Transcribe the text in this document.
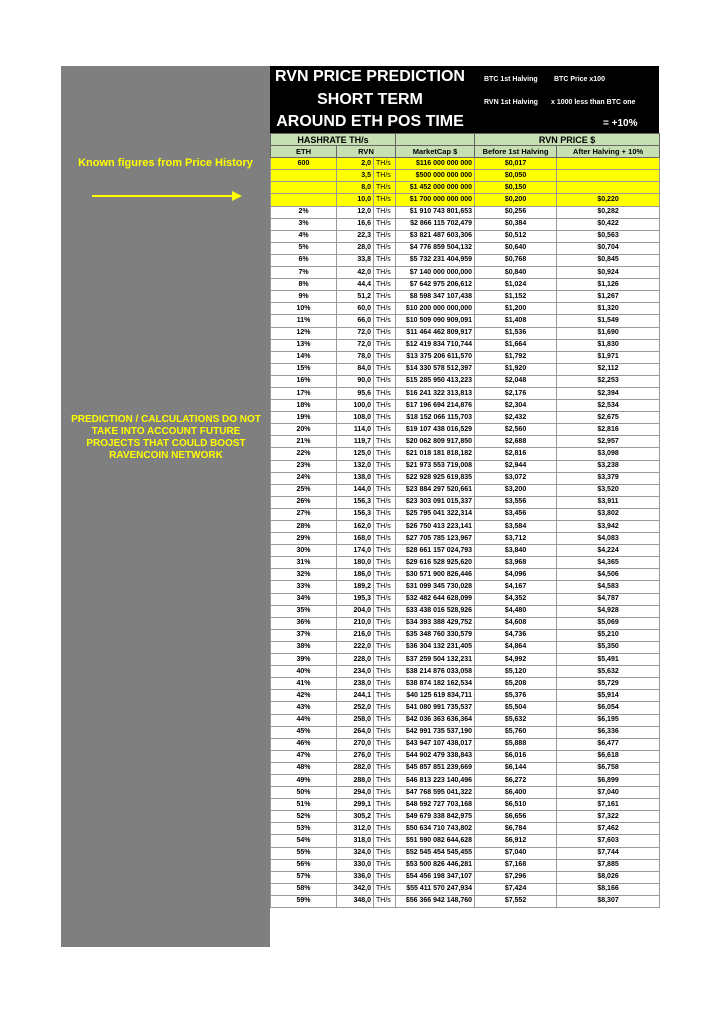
Known figures from Price History
PREDICTION / CALCULATIONS DO NOT TAKE INTO ACCOUNT FUTURE PROJECTS THAT COULD BOOST RAVENCOIN NETWORK
RVN PRICE PREDICTION
SHORT TERM
AROUND ETH POS TIME
BTC 1st Halving BTC Price x100
RVN 1st Halving x 1000 less than BTC one
= +10%
HASHRATE TH/s				RVN PRICE $	
ETH	RVN		MarketCap $	Before 1st Halving	After Halving + 10%
600	2,0	TH/s	$116 000 000 000	$0,017	
	3,5	TH/s	$500 000 000 000	$0,050	
	8,0	TH/s	$1 452 000 000 000	$0,150	
	10,0	TH/s	$1 700 000 000 000	$0,200	$0,220
2%	12,0	TH/s	$1 910 743 801,653	$0,256	$0,282
3%	16,6	TH/s	$2 866 115 702,479	$0,384	$0,422
4%	22,3	TH/s	$3 821 487 603,306	$0,512	$0,563
5%	28,0	TH/s	$4 776 859 504,132	$0,640	$0,704
6%	33,8	TH/s	$5 732 231 404,959	$0,768	$0,845
7%	42,0	TH/s	$7 140 000 000,000	$0,840	$0,924
8%	44,4	TH/s	$7 642 975 206,612	$1,024	$1,126
9%	51,2	TH/s	$8 598 347 107,438	$1,152	$1,267
10%	60,0	TH/s	$10 200 000 000,000	$1,200	$1,320
11%	66,0	TH/s	$10 509 090 909,091	$1,408	$1,549
12%	72,0	TH/s	$11 464 462 809,917	$1,536	$1,690
13%	72,0	TH/s	$12 419 834 710,744	$1,664	$1,830
14%	78,0	TH/s	$13 375 206 611,570	$1,792	$1,971
15%	84,0	TH/s	$14 330 578 512,397	$1,920	$2,112
16%	90,0	TH/s	$15 285 950 413,223	$2,048	$2,253
17%	95,6	TH/s	$16 241 322 313,813	$2,176	$2,394
18%	100,0	TH/s	$17 196 694 214,876	$2,304	$2,534
19%	108,0	TH/s	$18 152 066 115,703	$2,432	$2,675
20%	114,0	TH/s	$19 107 438 016,529	$2,560	$2,816
21%	119,7	TH/s	$20 062 809 917,850	$2,688	$2,957
22%	125,0	TH/s	$21 018 181 818,182	$2,816	$3,098
23%	132,0	TH/s	$21 973 553 719,008	$2,944	$3,238
24%	138,0	TH/s	$22 928 925 619,835	$3,072	$3,379
25%	144,0	TH/s	$23 884 297 520,661	$3,200	$3,520
26%	156,3	TH/s	$23 303 091 015,337	$3,556	$3,911
27%	156,3	TH/s	$25 795 041 322,314	$3,456	$3,802
28%	162,0	TH/s	$26 750 413 223,141	$3,584	$3,942
29%	168,0	TH/s	$27 705 785 123,967	$3,712	$4,083
30%	174,0	TH/s	$28 661 157 024,793	$3,840	$4,224
31%	180,0	TH/s	$29 616 528 925,620	$3,968	$4,365
32%	186,0	TH/s	$30 571 900 826,446	$4,096	$4,506
33%	189,2	TH/s	$31 099 345 730,028	$4,167	$4,583
34%	195,3	TH/s	$32 482 644 628,099	$4,352	$4,787
35%	204,0	TH/s	$33 438 016 528,926	$4,480	$4,928
36%	210,0	TH/s	$34 393 388 429,752	$4,608	$5,069
37%	216,0	TH/s	$35 348 760 330,579	$4,736	$5,210
38%	222,0	TH/s	$36 304 132 231,405	$4,864	$5,350
39%	228,0	TH/s	$37 259 504 132,231	$4,992	$5,491
40%	234,0	TH/s	$38 214 876 033,058	$5,120	$5,632
41%	238,0	TH/s	$38 874 182 162,534	$5,208	$5,729
42%	244,1	TH/s	$40 125 619 834,711	$5,376	$5,914
43%	252,0	TH/s	$41 080 991 735,537	$5,504	$6,054
44%	258,0	TH/s	$42 036 363 636,364	$5,632	$6,195
45%	264,0	TH/s	$42 991 735 537,190	$5,760	$6,336
46%	270,0	TH/s	$43 947 107 438,017	$5,888	$6,477
47%	276,0	TH/s	$44 902 479 338,843	$6,016	$6,618
48%	282,0	TH/s	$45 857 851 239,669	$6,144	$6,758
49%	288,0	TH/s	$46 813 223 140,496	$6,272	$6,899
50%	294,0	TH/s	$47 768 595 041,322	$6,400	$7,040
51%	299,1	TH/s	$48 592 727 703,168	$6,510	$7,161
52%	305,2	TH/s	$49 679 338 842,975	$6,656	$7,322
53%	312,0	TH/s	$50 634 710 743,802	$6,784	$7,462
54%	318,0	TH/s	$51 590 082 644,628	$6,912	$7,603
55%	324,0	TH/s	$52 545 454 545,455	$7,040	$7,744
56%	330,0	TH/s	$53 500 826 446,281	$7,168	$7,885
57%	336,0	TH/s	$54 456 198 347,107	$7,296	$8,026
58%	342,0	TH/s	$55 411 570 247,934	$7,424	$8,166
59%	348,0	TH/s	$56 366 942 148,760	$7,552	$8,307
